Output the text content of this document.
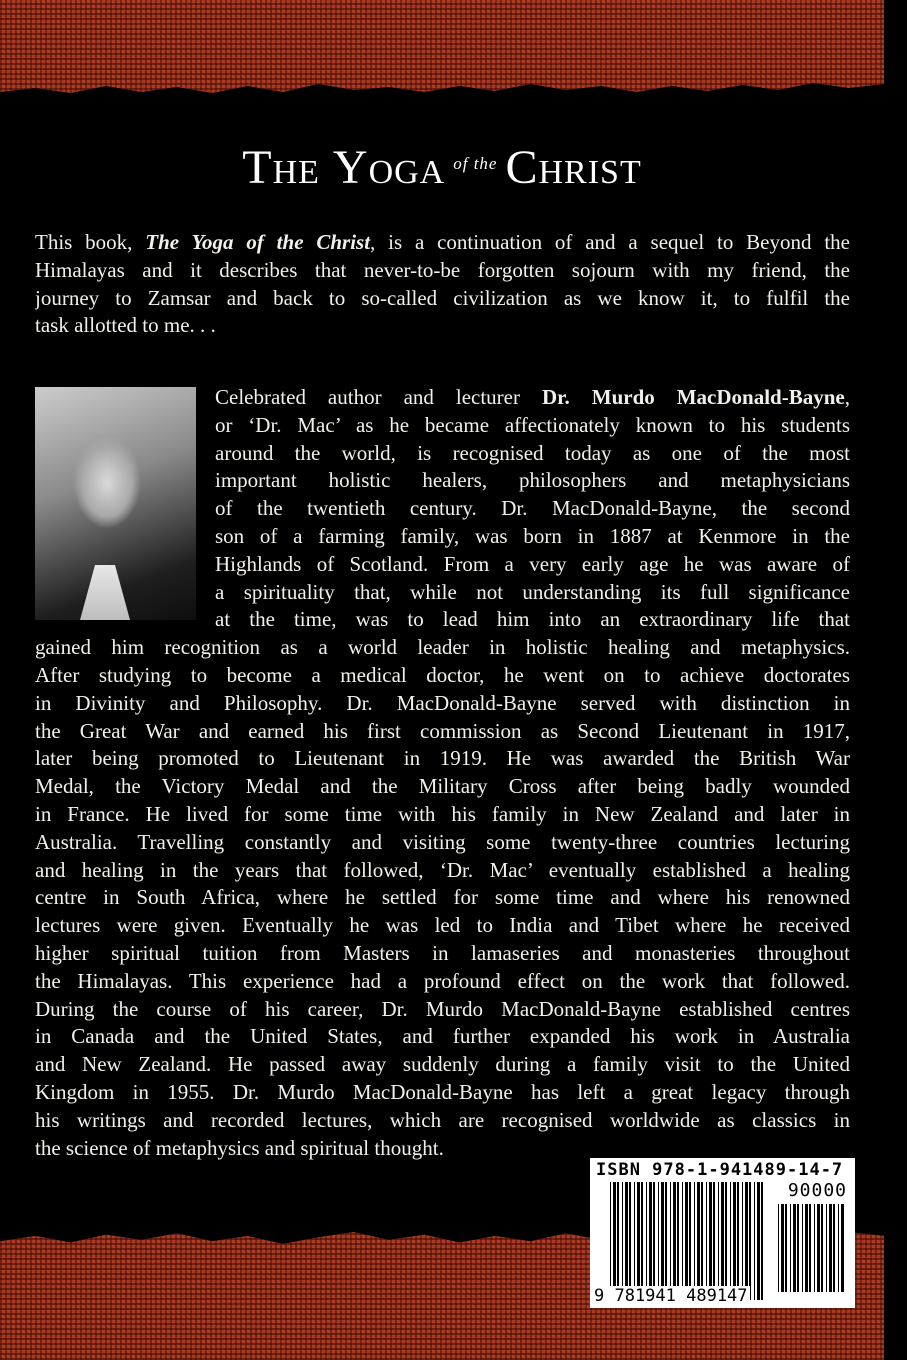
The Yoga $^{of the}$ Christ
This book, The Yoga of the Christ, is a continuation of and a sequel to Beyond the
Himalayas and it describes that never-to-be forgotten sojourn with my friend, the
journey to Zamsar and back to so-called civilization as we know it, to fulfil the
task allotted to me. . .
Celebrated author and lecturer Dr. Murdo MacDonald-Bayne,
or ‘Dr. Mac’ as he became affectionately known to his students
around the world, is recognised today as one of the most
important holistic healers, philosophers and metaphysicians
of the twentieth century. Dr. MacDonald-Bayne, the second
son of a farming family, was born in 1887 at Kenmore in the
Highlands of Scotland. From a very early age he was aware of
a spirituality that, while not understanding its full significance
at the time, was to lead him into an extraordinary life that
gained him recognition as a world leader in holistic healing and metaphysics.
After studying to become a medical doctor, he went on to achieve doctorates
in Divinity and Philosophy. Dr. MacDonald-Bayne served with distinction in
the Great War and earned his first commission as Second Lieutenant in 1917,
later being promoted to Lieutenant in 1919. He was awarded the British War
Medal, the Victory Medal and the Military Cross after being badly wounded
in France. He lived for some time with his family in New Zealand and later in
Australia. Travelling constantly and visiting some twenty-three countries lecturing
and healing in the years that followed, ‘Dr. Mac’ eventually established a healing
centre in South Africa, where he settled for some time and where his renowned
lectures were given. Eventually he was led to India and Tibet where he received
higher spiritual tuition from Masters in lamaseries and monasteries throughout
the Himalayas. This experience had a profound effect on the work that followed.
During the course of his career, Dr. Murdo MacDonald-Bayne established centres
in Canada and the United States, and further expanded his work in Australia
and New Zealand. He passed away suddenly during a family visit to the United
Kingdom in 1955. Dr. Murdo MacDonald-Bayne has left a great legacy through
his writings and recorded lectures, which are recognised worldwide as classics in
the science of metaphysics and spiritual thought.
ISBN 978-1-941489-14-7
90000
9 781941 489147
